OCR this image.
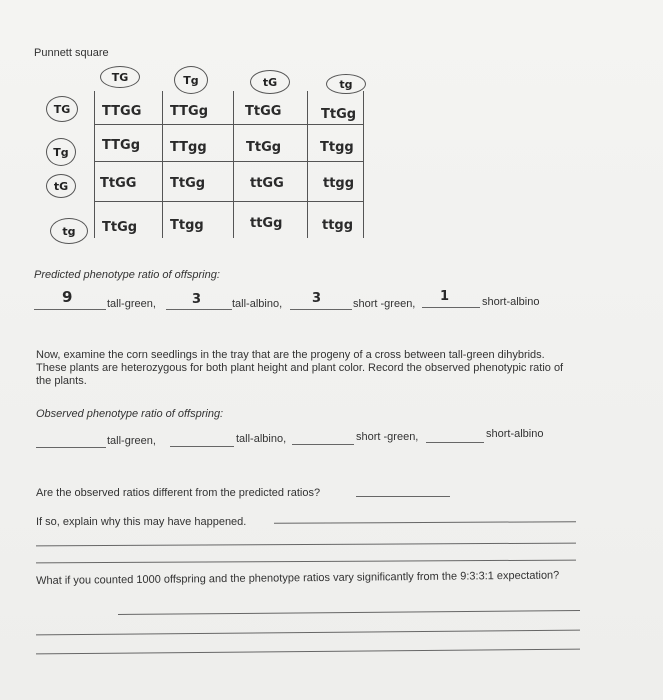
Punnett square
TG	Tg	tG	tg
TG
Tg
tG
tg
TTGG TTGg	TtGG	TtGg
TTGg TTgg	TtGg	Ttgg
TtGG	TtGg	ttGG	ttgg
TtGg	Ttgg	ttGg	ttgg
Predicted phenotype ratio of offspring:
9	tall-green,	3	tall-albino, 3	short -green, 1	short-albino
Now, examine the corn seedlings in the tray that are the progeny of a cross between tall-green dihybrids. These plants are heterozygous for both plant height and plant color. Record the observed phenotypic ratio of the plants.
Observed phenotype ratio of offspring:
tall-green,	tall-albino,	short -green,	short-albino
Are the observed ratios different from the predicted ratios?
If so, explain why this may have happened.
What if you counted 1000 offspring and the phenotype ratios vary significantly from the 9:3:3:1 expectation?
